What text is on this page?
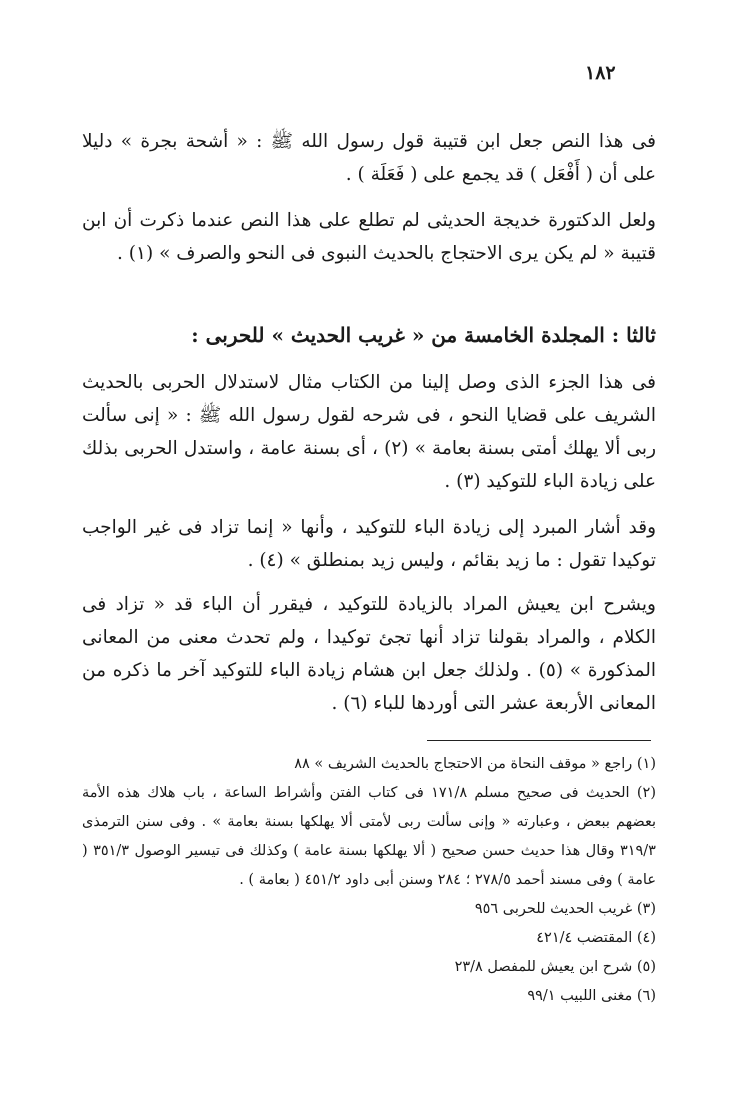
١٨٢
فى هذا النص جعل ابن قتيبة قول رسول الله ﷺ : « أشحة بجرة » دليلا على أن ( أَفْعَل ) قد يجمع على ( فَعَلَة ) .
ولعل الدكتورة خديجة الحديثى لم تطلع على هذا النص عندما ذكرت أن ابن قتيبة « لم يكن يرى الاحتجاج بالحديث النبوى فى النحو والصرف » (١) .
ثالثا : المجلدة الخامسة من « غريب الحديث » للحربى :
فى هذا الجزء الذى وصل إلينا من الكتاب مثال لاستدلال الحربى بالحديث الشريف على قضايا النحو ، فى شرحه لقول رسول الله ﷺ : « إنى سألت ربى ألا يهلك أمتى بسنة بعامة » (٢) ، أى بسنة عامة ، واستدل الحربى بذلك على زيادة الباء للتوكيد (٣) .
وقد أشار المبرد إلى زيادة الباء للتوكيد ، وأنها « إنما تزاد فى غير الواجب توكيدا تقول : ما زيد بقائم ، وليس زيد بمنطلق » (٤) .
ويشرح ابن يعيش المراد بالزيادة للتوكيد ، فيقرر أن الباء قد « تزاد فى الكلام ، والمراد بقولنا تزاد أنها تجئ توكيدا ، ولم تحدث معنى من المعانى المذكورة » (٥) . ولذلك جعل ابن هشام زيادة الباء للتوكيد آخر ما ذكره من المعانى الأربعة عشر التى أوردها للباء (٦) .
(١) راجع « موقف النحاة من الاحتجاج بالحديث الشريف » ٨٨
(٢) الحديث فى صحيح مسلم ١٧١/٨ فى كتاب الفتن وأشراط الساعة ، باب هلاك هذه الأمة بعضهم ببعض ، وعبارته « وإنى سألت ربى لأمتى ألا يهلكها بسنة بعامة » . وفى سنن الترمذى ٣١٩/٣ وقال هذا حديث حسن صحيح ( ألا يهلكها بسنة عامة ) وكذلك فى تيسير الوصول ٣٥١/٣ ( عامة ) وفى مسند أحمد ٢٧٨/٥ ؛ ٢٨٤ وسنن أبى داود ٤٥١/٢ ( بعامة ) .
(٣) غريب الحديث للحربى ٩٥٦
(٤) المقتضب ٤٢١/٤
(٥) شرح ابن يعيش للمفصل ٢٣/٨
(٦) مغنى اللبيب ٩٩/١
